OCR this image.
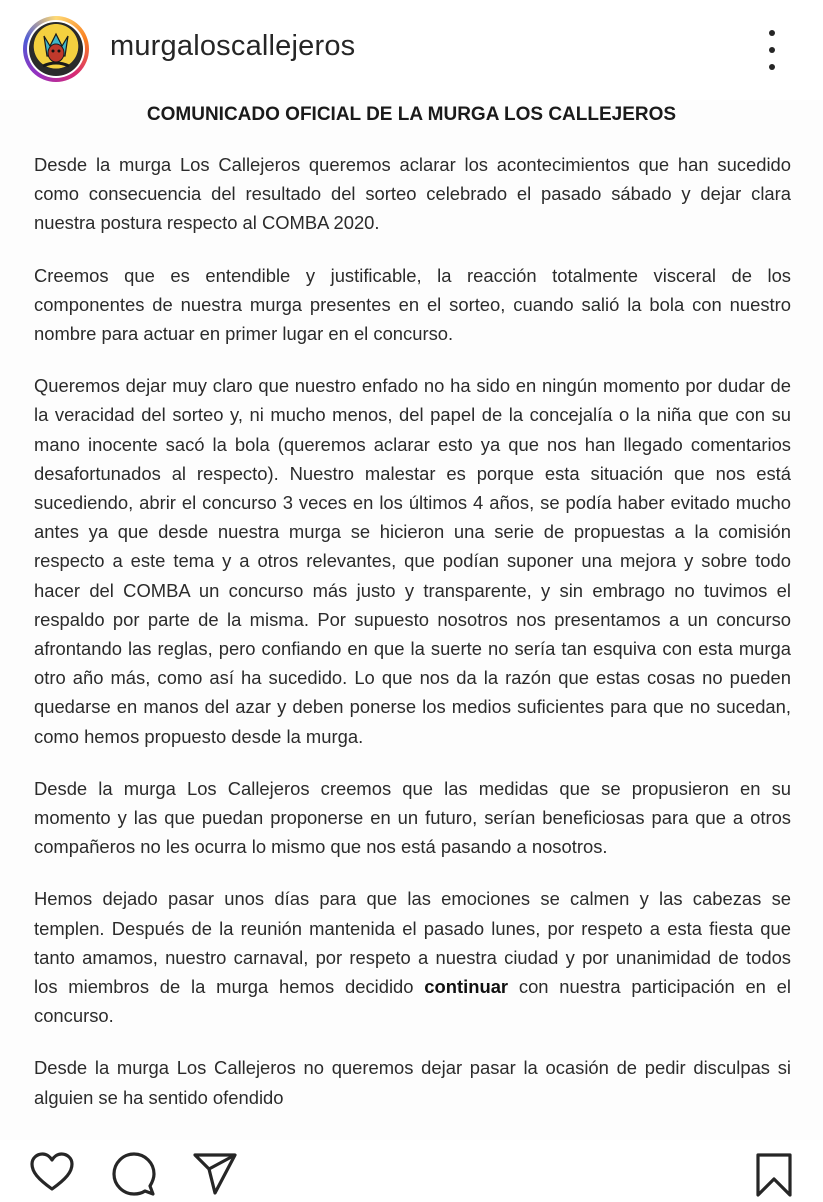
murgaloscallejeros
COMUNICADO OFICIAL DE LA MURGA LOS CALLEJEROS

Desde la murga Los Callejeros queremos aclarar los acontecimientos que han sucedido como consecuencia del resultado del sorteo celebrado el pasado sábado y dejar clara nuestra postura respecto al COMBA 2020.

Creemos que es entendible y justificable, la reacción totalmente visceral de los componentes de nuestra murga presentes en el sorteo, cuando salió la bola con nuestro nombre para actuar en primer lugar en el concurso.

Queremos dejar muy claro que nuestro enfado no ha sido en ningún momento por dudar de la veracidad del sorteo y, ni mucho menos, del papel de la concejalía o la niña que con su mano inocente sacó la bola (queremos aclarar esto ya que nos han llegado comentarios desafortunados al respecto). Nuestro malestar es porque esta situación que nos está sucediendo, abrir el concurso 3 veces en los últimos 4 años, se podía haber evitado mucho antes ya que desde nuestra murga se hicieron una serie de propuestas a la comisión respecto a este tema y a otros relevantes, que podían suponer una mejora y sobre todo hacer del COMBA un concurso más justo y transparente, y sin embrago no tuvimos el respaldo por parte de la misma. Por supuesto nosotros nos presentamos a un concurso afrontando las reglas, pero confiando en que la suerte no sería tan esquiva con esta murga otro año más, como así ha sucedido. Lo que nos da la razón que estas cosas no pueden quedarse en manos del azar y deben ponerse los medios suficientes para que no sucedan, como hemos propuesto desde la murga.

Desde la murga Los Callejeros creemos que las medidas que se propusieron en su momento y las que puedan proponerse en un futuro, serían beneficiosas para que a otros compañeros no les ocurra lo mismo que nos está pasando a nosotros.

Hemos dejado pasar unos días para que las emociones se calmen y las cabezas se templen. Después de la reunión mantenida el pasado lunes, por respeto a esta fiesta que tanto amamos, nuestro carnaval, por respeto a nuestra ciudad y por unanimidad de todos los miembros de la murga hemos decidido continuar con nuestra participación en el concurso.

Desde la murga Los Callejeros no queremos dejar pasar la ocasión de pedir disculpas si alguien se ha sentido ofendido
